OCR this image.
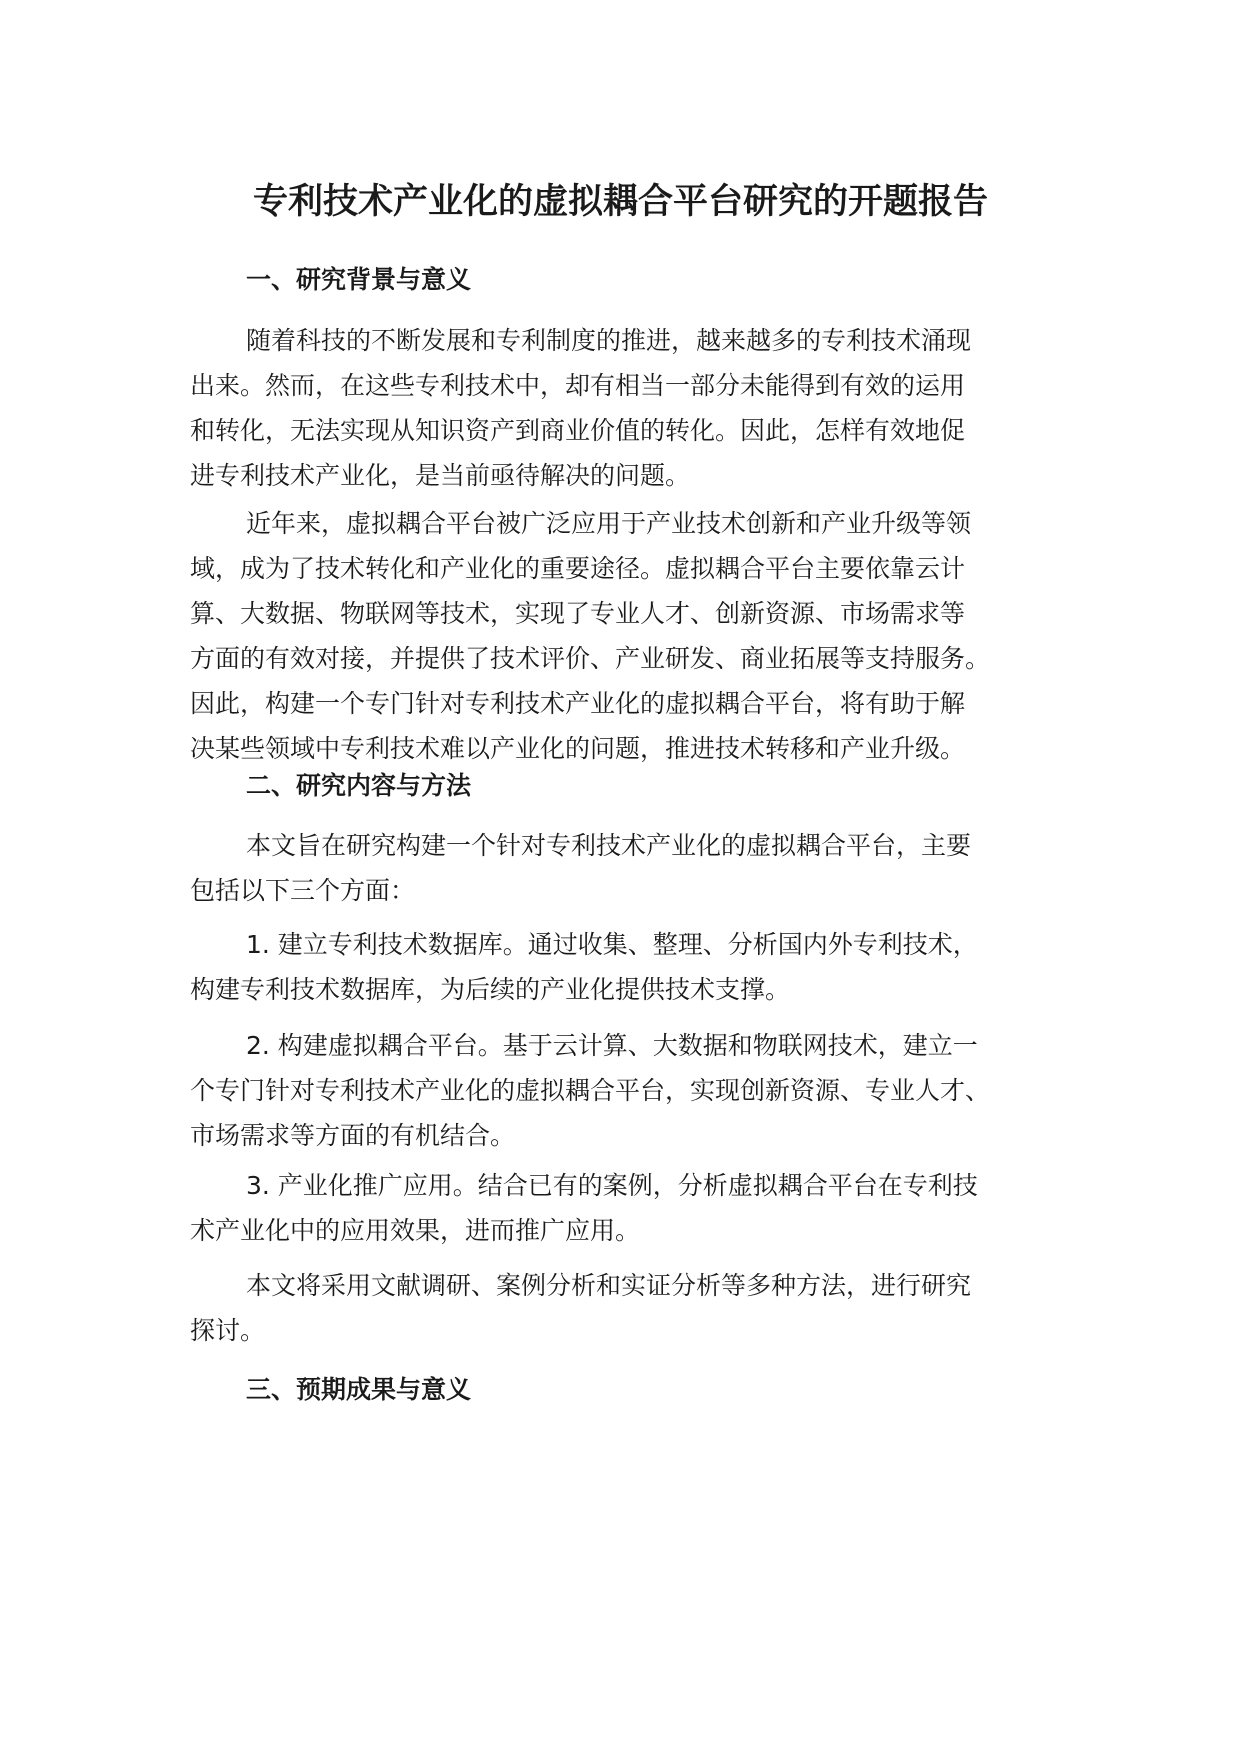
专利技术产业化的虚拟耦合平台研究的开题报告
一、研究背景与意义

随着科技的不断发展和专利制度的推进，越来越多的专利技术涌现
出来。然而，在这些专利技术中，却有相当一部分未能得到有效的运用
和转化，无法实现从知识资产到商业价值的转化。因此，怎样有效地促
进专利技术产业化，是当前亟待解决的问题。

近年来，虚拟耦合平台被广泛应用于产业技术创新和产业升级等领
域，成为了技术转化和产业化的重要途径。虚拟耦合平台主要依靠云计
算、大数据、物联网等技术，实现了专业人才、创新资源、市场需求等
方面的有效对接，并提供了技术评价、产业研发、商业拓展等支持服务。
因此，构建一个专门针对专利技术产业化的虚拟耦合平台，将有助于解
决某些领域中专利技术难以产业化的问题，推进技术转移和产业升级。

二、研究内容与方法

本文旨在研究构建一个针对专利技术产业化的虚拟耦合平台，主要
包括以下三个方面：

1. 建立专利技术数据库。通过收集、整理、分析国内外专利技术，
构建专利技术数据库，为后续的产业化提供技术支撑。

2. 构建虚拟耦合平台。基于云计算、大数据和物联网技术，建立一
个专门针对专利技术产业化的虚拟耦合平台，实现创新资源、专业人才、
市场需求等方面的有机结合。

3. 产业化推广应用。结合已有的案例，分析虚拟耦合平台在专利技
术产业化中的应用效果，进而推广应用。

本文将采用文献调研、案例分析和实证分析等多种方法，进行研究
探讨。

三、预期成果与意义
